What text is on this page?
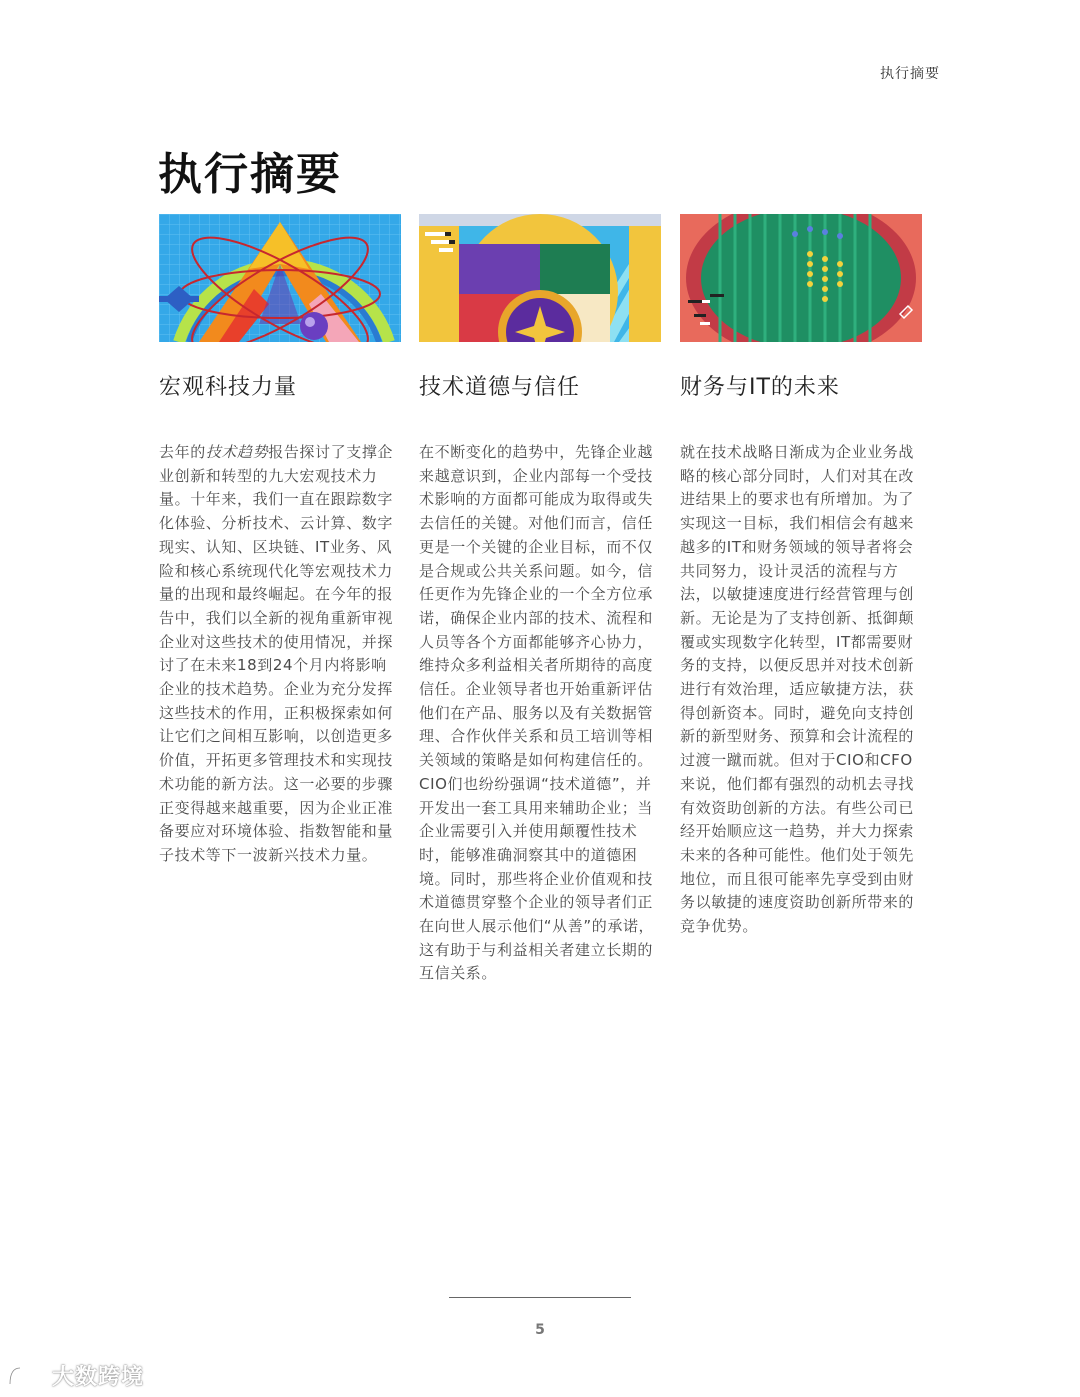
执行摘要
执行摘要
宏观科技力量
去年的技术趋势报告探讨了支撑企业创新和转型的九大宏观技术力量。十年来，我们一直在跟踪数字化体验、分析技术、云计算、数字现实、认知、区块链、IT业务、风险和核心系统现代化等宏观技术力量的出现和最终崛起。在今年的报告中，我们以全新的视角重新审视企业对这些技术的使用情况，并探讨了在未来18到24个月内将影响企业的技术趋势。企业为充分发挥这些技术的作用，正积极探索如何让它们之间相互影响，以创造更多价值，开拓更多管理技术和实现技术功能的新方法。这一必要的步骤正变得越来越重要，因为企业正准备要应对环境体验、指数智能和量子技术等下一波新兴技术力量。
技术道德与信任
在不断变化的趋势中，先锋企业越来越意识到，企业内部每一个受技术影响的方面都可能成为取得或失去信任的关键。对他们而言，信任更是一个关键的企业目标，而不仅是合规或公共关系问题。如今，信任更作为先锋企业的一个全方位承诺，确保企业内部的技术、流程和人员等各个方面都能够齐心协力，维持众多利益相关者所期待的高度信任。企业领导者也开始重新评估他们在产品、服务以及有关数据管理、合作伙伴关系和员工培训等相关领域的策略是如何构建信任的。CIO们也纷纷强调“技术道德”，并开发出一套工具用来辅助企业；当企业需要引入并使用颠覆性技术时，能够准确洞察其中的道德困境。同时，那些将企业价值观和技术道德贯穿整个企业的领导者们正在向世人展示他们“从善”的承诺，这有助于与利益相关者建立长期的互信关系。
财务与IT的未来
就在技术战略日渐成为企业业务战略的核心部分同时，人们对其在改进结果上的要求也有所增加。为了实现这一目标，我们相信会有越来越多的IT和财务领域的领导者将会共同努力，设计灵活的流程与方法，以敏捷速度进行经营管理与创新。无论是为了支持创新、抵御颠覆或实现数字化转型，IT都需要财务的支持，以便反思并对技术创新进行有效治理，适应敏捷方法，获得创新资本。同时，避免向支持创新的新型财务、预算和会计流程的过渡一蹴而就。但对于CIO和CFO来说，他们都有强烈的动机去寻找有效资助创新的方法。有些公司已经开始顺应这一趋势，并大力探索未来的各种可能性。他们处于领先地位，而且很可能率先享受到由财务以敏捷的速度资助创新所带来的竞争优势。
5
大数跨境
